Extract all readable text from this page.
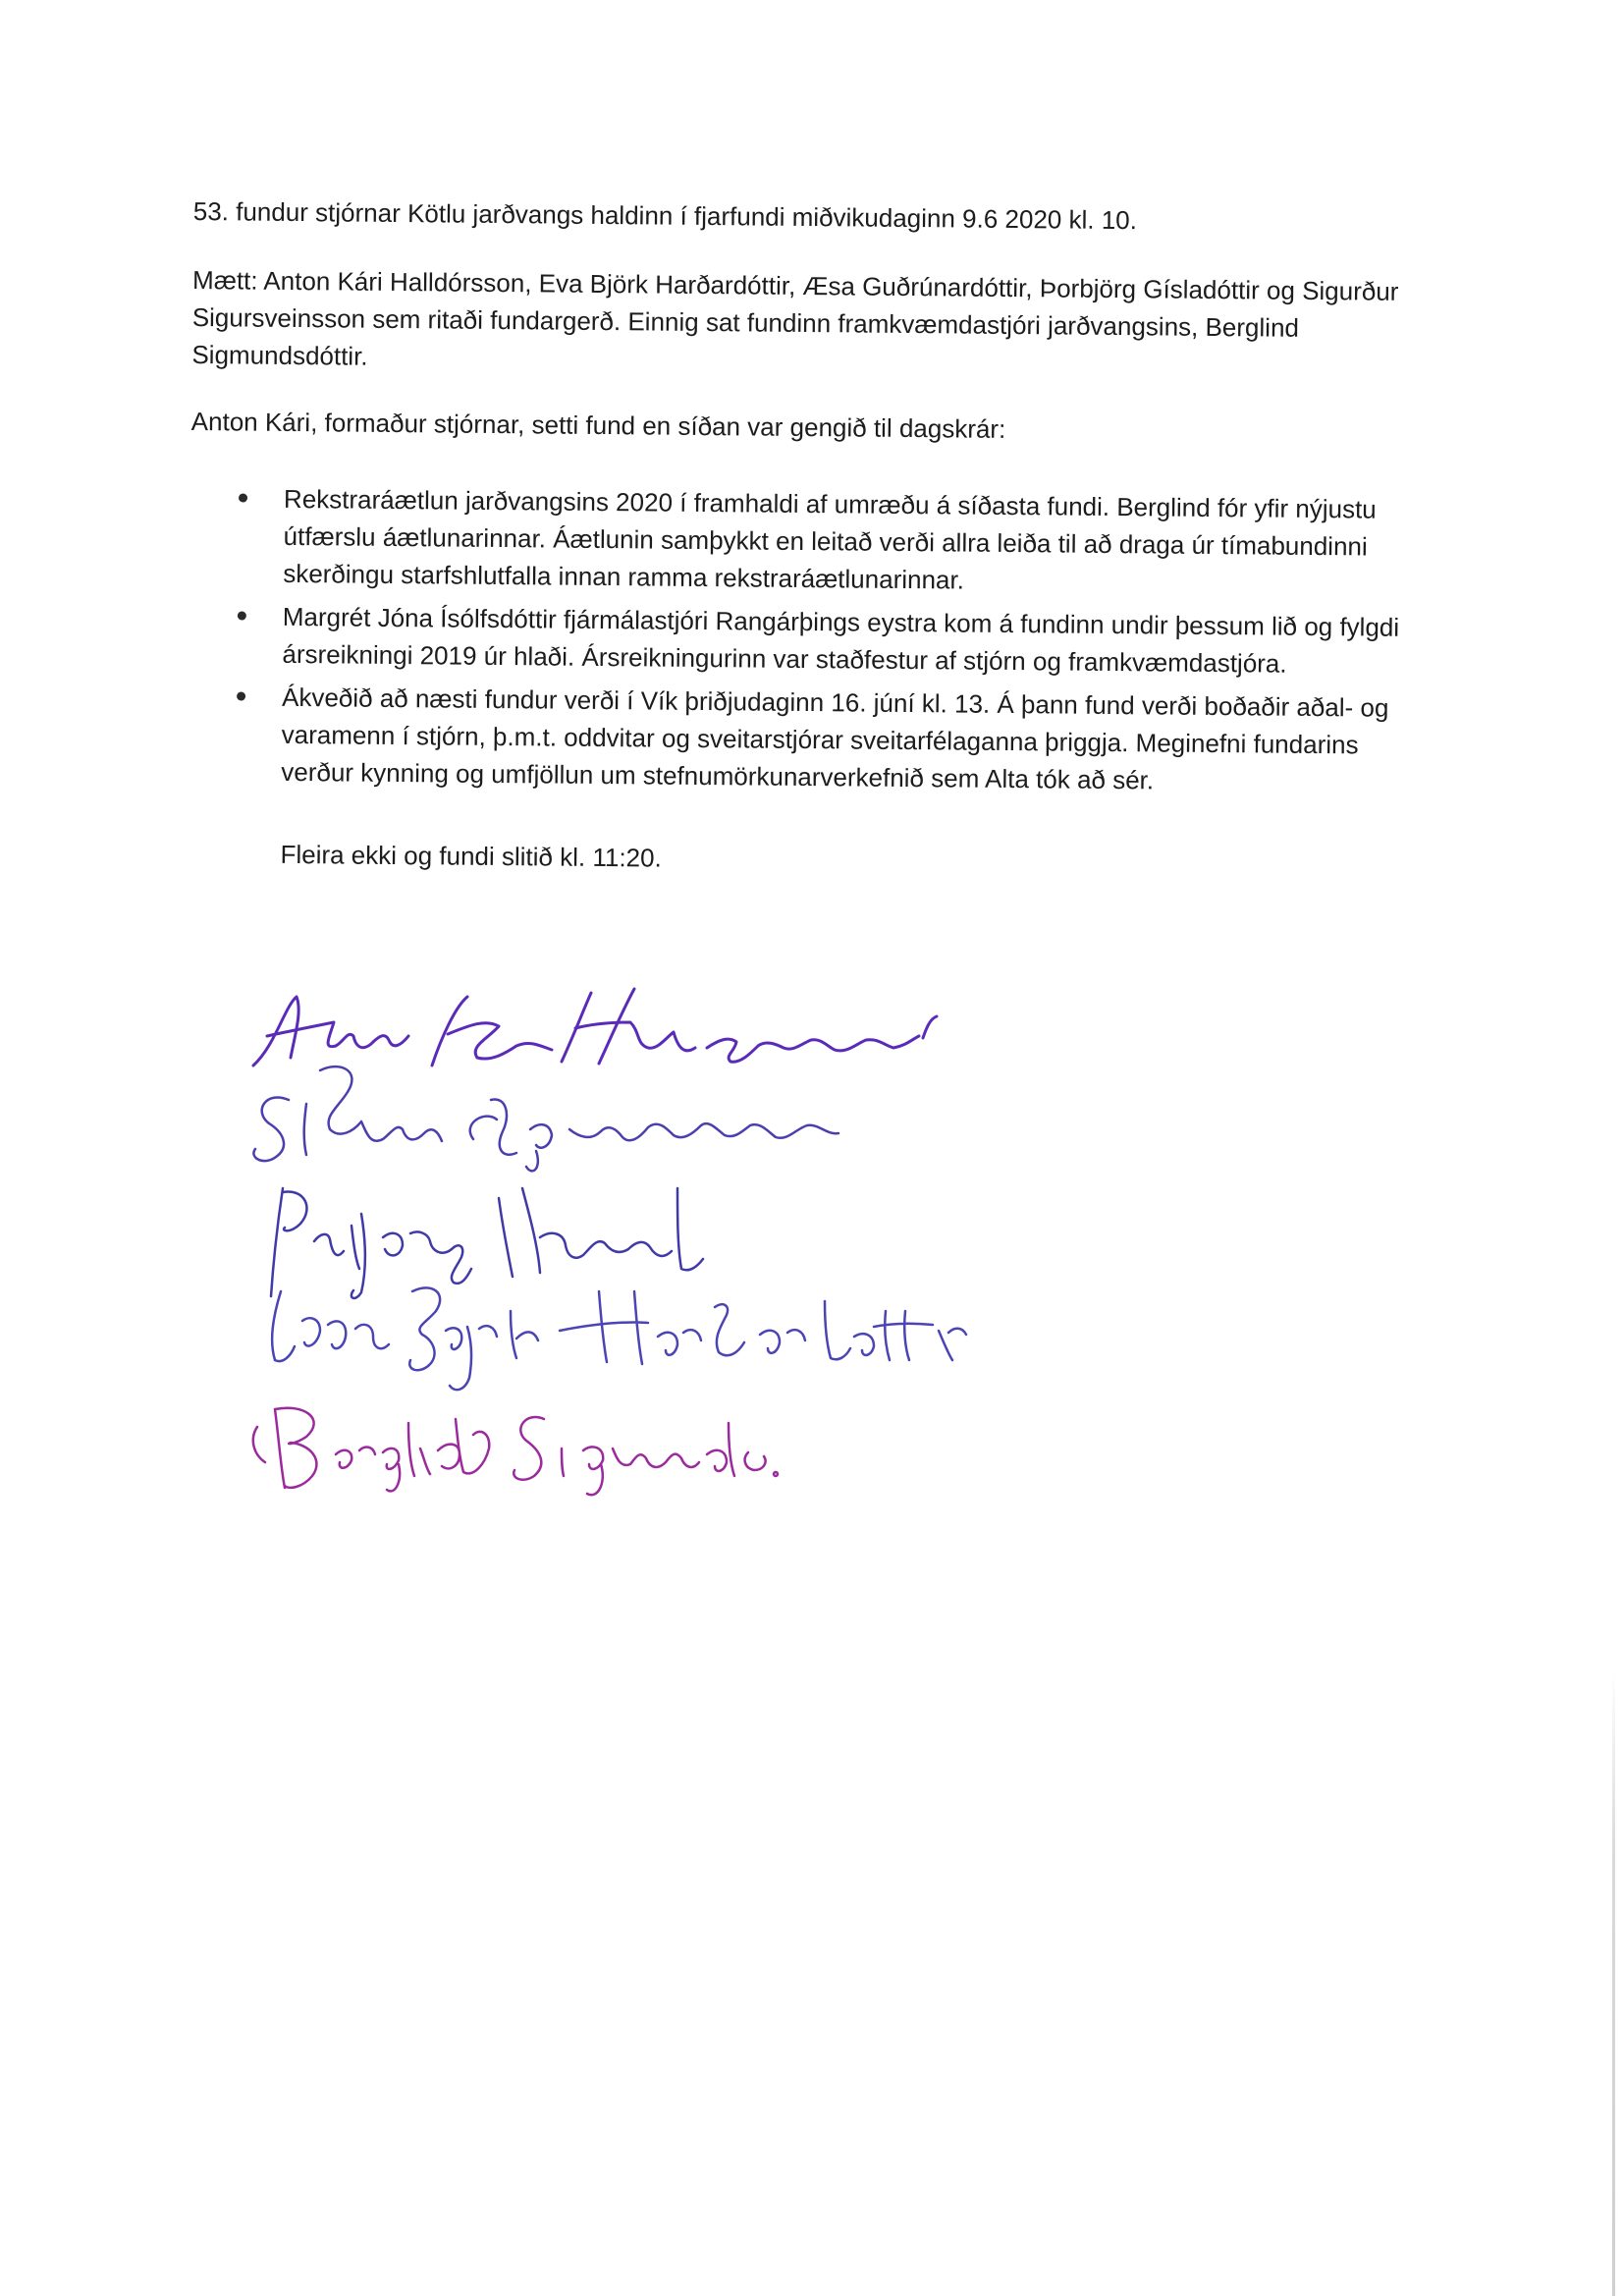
53. fundur stjórnar Kötlu jarðvangs haldinn í fjarfundi miðvikudaginn 9.6 2020 kl. 10.

Mætt: Anton Kári Halldórsson, Eva Björk Harðardóttir, Æsa Guðrúnardóttir, Þorbjörg Gísladóttir og Sigurður Sigursveinsson sem ritaði fundargerð. Einnig sat fundinn framkvæmdastjóri jarðvangsins, Berglind Sigmundsdóttir.

Anton Kári, formaður stjórnar, setti fund en síðan var gengið til dagskrár:

Rekstraráætlun jarðvangsins 2020 í framhaldi af umræðu á síðasta fundi. Berglind fór yfir nýjustu útfærslu áætlunarinnar. Áætlunin samþykkt en leitað verði allra leiða til að draga úr tímabundinni skerðingu starfshlutfalla innan ramma rekstraráætlunarinnar.
Margrét Jóna Ísólfsdóttir fjármálastjóri Rangárþings eystra kom á fundinn undir þessum lið og fylgdi ársreikningi 2019 úr hlaði. Ársreikningurinn var staðfestur af stjórn og framkvæmdastjóra.
Ákveðið að næsti fundur verði í Vík þriðjudaginn 16. júní kl. 13. Á þann fund verði boðaðir aðal- og varamenn í stjórn, þ.m.t. oddvitar og sveitarstjórar sveitarfélaganna þriggja. Meginefni fundarins verður kynning og umfjöllun um stefnumörkunarverkefnið sem Alta tók að sér.

Fleira ekki og fundi slitið kl. 11:20.
